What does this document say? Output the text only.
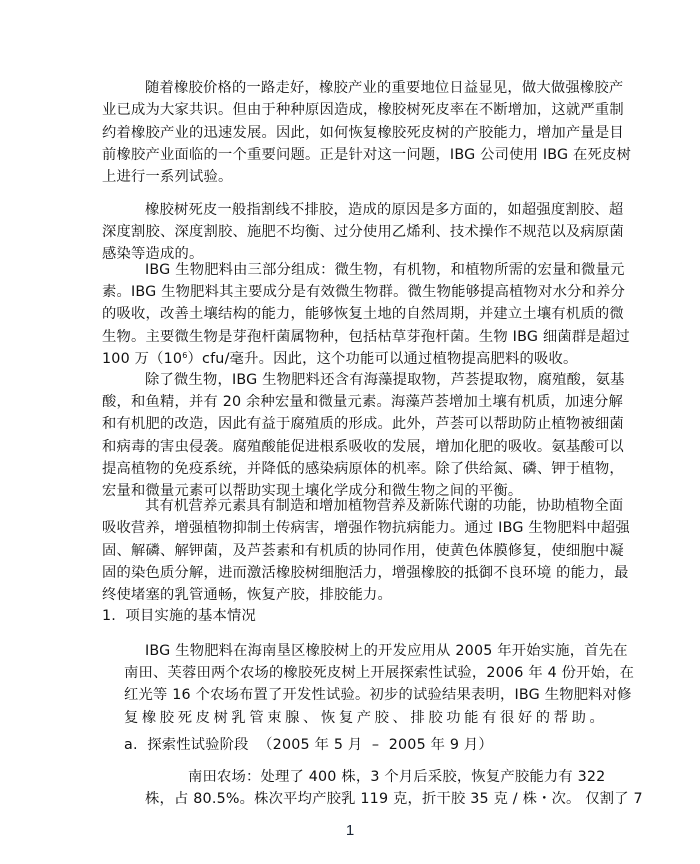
随着橡胶价格的一路走好，橡胶产业的重要地位日益显见，做大做强橡胶产
业已成为大家共识。但由于种种原因造成，橡胶树死皮率在不断增加，这就严重制
约着橡胶产业的迅速发展。因此，如何恢复橡胶死皮树的产胶能力，增加产量是目
前橡胶产业面临的一个重要问题。正是针对这一问题，IBG 公司使用 IBG 在死皮树
上进行一系列试验。
橡胶树死皮一般指割线不排胶，造成的原因是多方面的，如超强度割胶、超
深度割胶、深度割胶、施肥不均衡、过分使用乙烯利、技术操作不规范以及病原菌
感染等造成的。
IBG 生物肥料由三部分组成：微生物，有机物，和植物所需的宏量和微量元
素。IBG 生物肥料其主要成分是有效微生物群。微生物能够提高植物对水分和养分
的吸收，改善土壤结构的能力，能够恢复土地的自然周期，并建立土壤有机质的微
生物。主要微生物是芽孢杆菌属物种，包括枯草芽孢杆菌。生物 IBG 细菌群是超过
100 万$(10^6)cfu/$毫升。因此，这个功能可以通过植物提高肥料的吸收。
除了微生物，IBG 生物肥料还含有海藻提取物，芦荟提取物，腐殖酸，氨基
酸，和鱼精，并有 20 余种宏量和微量元素。海藻芦荟增加土壤有机质，加速分解
和有机肥的改造，因此有益于腐殖质的形成。此外，芦荟可以帮助防止植物被细菌
和病毒的害虫侵袭。腐殖酸能促进根系吸收的发展，增加化肥的吸收。氨基酸可以
提高植物的免疫系统，并降低的感染病原体的机率。除了供给氮、磷、钾于植物，
宏量和微量元素可以帮助实现土壤化学成分和微生物之间的平衡。
其有机营养元素具有制造和增加植物营养及新陈代谢的功能，协助植物全面
吸收营养，增强植物抑制土传病害，增强作物抗病能力。通过 IBG 生物肥料中超强
固、解磷、解钾菌，及芦荟素和有机质的协同作用，使黄色体膜修复，使细胞中凝
固的染色质分解，进而激活橡胶树细胞活力，增强橡胶的抵御不良环境 的能力，最
终使堵塞的乳管通畅，恢复产胶，排胶能力。
1.  项目实施的基本情况
IBG 生物肥料在海南垦区橡胶树上的开发应用从 2005 年开始实施，首先在
南田、芙蓉田两个农场的橡胶死皮树上开展探索性试验，2006 年 4 份开始，在
红光等 16 个农场布置了开发性试验。初步的试验结果表明，IBG 生物肥料对修
复橡胶死皮树乳管束腺、恢复产胶、排胶功能有很好的帮助。
a.  探索性试验阶段  （2005 年 5 月  –  2005 年 9 月）
南田农场：处理了 400 株，3 个月后采胶，恢复产胶能力有 322
株，占 80.5%。株次平均产胶乳 119 克，折干胶 35 克 / 株・次。 仅割了 7
1
